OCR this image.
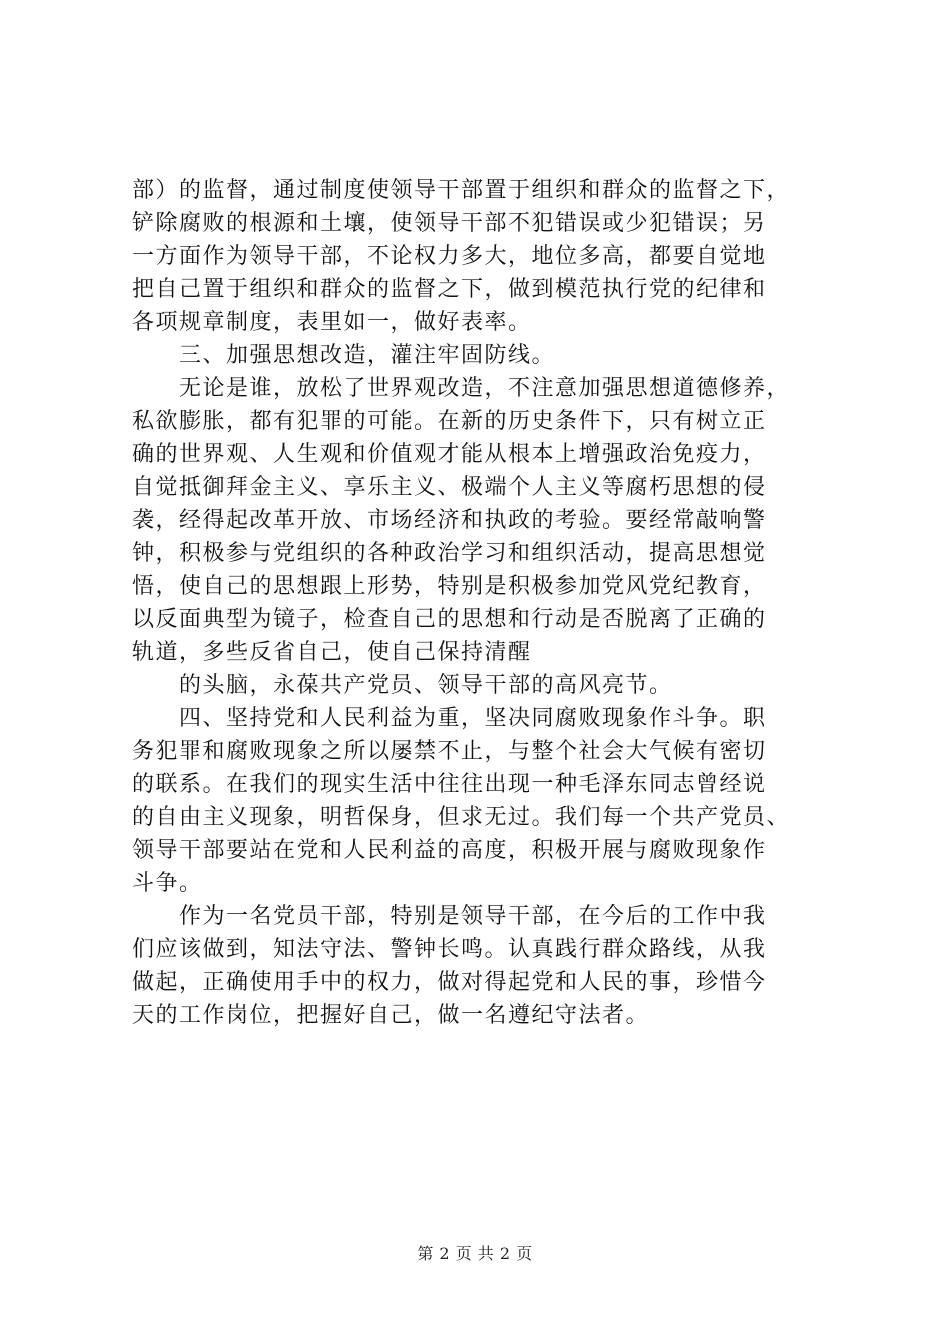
部）的监督，通过制度使领导干部置于组织和群众的监督之下，
铲除腐败的根源和土壤，使领导干部不犯错误或少犯错误；另
一方面作为领导干部，不论权力多大，地位多高，都要自觉地
把自己置于组织和群众的监督之下，做到模范执行党的纪律和
各项规章制度，表里如一，做好表率。
　　三、加强思想改造，灌注牢固防线。
　　无论是谁，放松了世界观改造，不注意加强思想道德修养，
私欲膨胀，都有犯罪的可能。在新的历史条件下，只有树立正
确的世界观、人生观和价值观才能从根本上增强政治免疫力，
自觉抵御拜金主义、享乐主义、极端个人主义等腐朽思想的侵
袭，经得起改革开放、市场经济和执政的考验。要经常敲响警
钟，积极参与党组织的各种政治学习和组织活动，提高思想觉
悟，使自己的思想跟上形势，特别是积极参加党风党纪教育，
以反面典型为镜子，检查自己的思想和行动是否脱离了正确的
轨道，多些反省自己，使自己保持清醒
　　的头脑，永葆共产党员、领导干部的高风亮节。
　　四、坚持党和人民利益为重，坚决同腐败现象作斗争。职
务犯罪和腐败现象之所以屡禁不止，与整个社会大气候有密切
的联系。在我们的现实生活中往往出现一种毛泽东同志曾经说
的自由主义现象，明哲保身，但求无过。我们每一个共产党员、
领导干部要站在党和人民利益的高度，积极开展与腐败现象作
斗争。
　　作为一名党员干部，特别是领导干部，在今后的工作中我
们应该做到，知法守法、警钟长鸣。认真践行群众路线，从我
做起，正确使用手中的权力，做对得起党和人民的事，珍惜今
天的工作岗位，把握好自己，做一名遵纪守法者。
第 2 页 共 2 页
